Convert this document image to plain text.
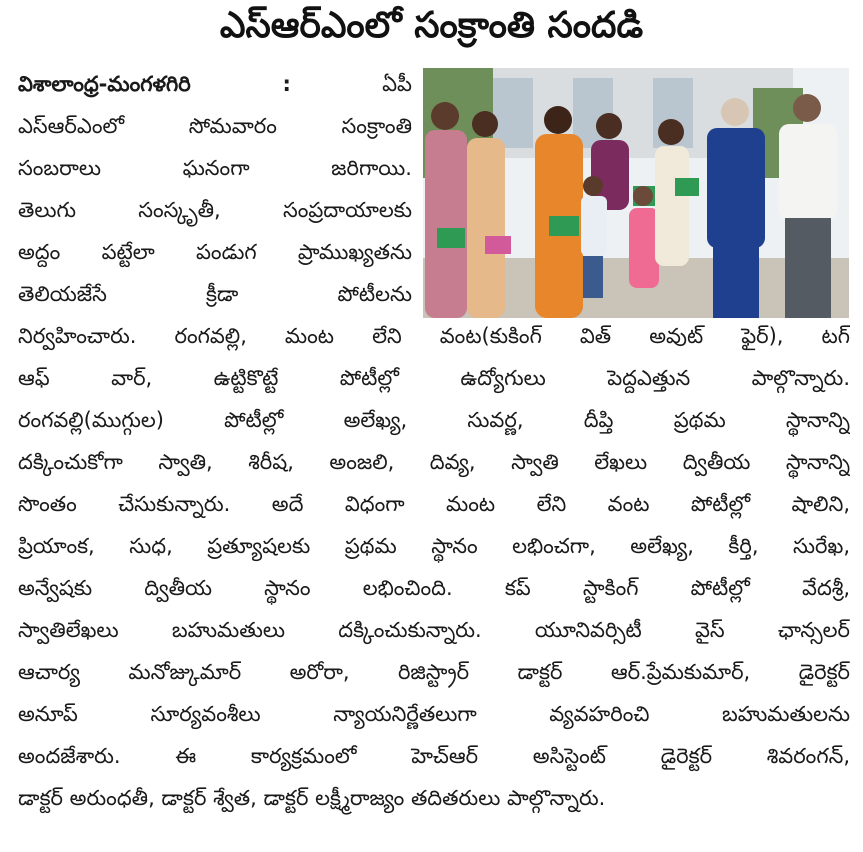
ఎస్ఆర్ఎంలో సంక్రాంతి సందడి
విశాలాంధ్ర-మంగళగిరి :	ఏపీ
ఎస్ఆర్ఎంలో సోమవారం సంక్రాంతి
సంబరాలు ఘనంగా జరిగాయి.
తెలుగు సంస్కృతీ, సంప్రదాయాలకు
అద్దం పట్టేలా పండుగ ప్రాముఖ్యతను
తెలియజేసే క్రీడా పోటీలను
నిర్వహించారు. రంగవల్లి, మంట లేని వంట(కుకింగ్ విత్ అవుట్ ఫైర్), టగ్
ఆఫ్ వార్, ఉట్టికొట్టే పోటీల్లో ఉద్యోగులు పెద్దఎత్తున పాల్గొన్నారు.
రంగవల్లి(ముగ్గుల) పోటీల్లో అలేఖ్య, సువర్ణ, దీప్తి ప్రథమ స్థానాన్ని
దక్కించుకోగా స్వాతి, శిరీష, అంజలి, దివ్య, స్వాతి లేఖలు ద్వితీయ స్థానాన్ని
సొంతం చేసుకున్నారు. అదే విధంగా మంట లేని వంట పోటీల్లో షాలిని,
ప్రియాంక, సుధ, ప్రత్యూషలకు ప్రథమ స్థానం లభించగా, అలేఖ్య, కీర్తి, సురేఖ,
అన్వేషకు ద్వితీయ స్థానం లభించింది. కప్ స్టాకింగ్ పోటీల్లో వేదశ్రీ,
స్వాతిలేఖలు బహుమతులు దక్కించుకున్నారు. యూనివర్సిటీ వైస్ ఛాన్సలర్
ఆచార్య మనోజ్కుమార్ అరోరా, రిజిస్ట్రార్ డాక్టర్ ఆర్.ప్రేమకుమార్, డైరెక్టర్
అనూప్ సూర్యవంశీలు న్యాయనిర్ణేతలుగా వ్యవహరించి బహుమతులను
అందజేశారు. ఈ కార్యక్రమంలో హెచ్ఆర్ అసిస్టెంట్ డైరెక్టర్ శివరంగన్,
డాక్టర్ అరుంధతీ, డాక్టర్ శ్వేత, డాక్టర్ లక్ష్మీరాజ్యం తదితరులు పాల్గొన్నారు.
